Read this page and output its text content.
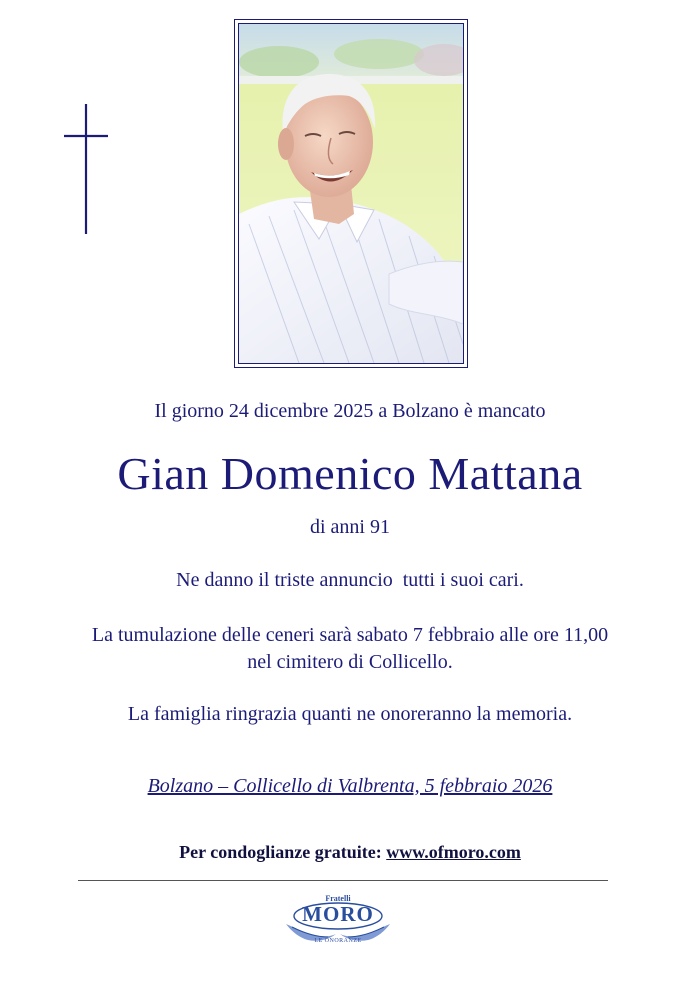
Il giorno 24 dicembre 2025 a Bolzano è mancato
Gian Domenico Mattana
di anni 91
Ne danno il triste annuncio  tutti i suoi cari.
La tumulazione delle ceneri sarà sabato 7 febbraio alle ore 11,00
nel cimitero di Collicello.
La famiglia ringrazia quanti ne onoreranno la memoria.
Bolzano – Collicello di Valbrenta, 5 febbraio 2026
Per condoglianze gratuite: www.ofmoro.com
Fratelli
MORO
LE ONORANZE
